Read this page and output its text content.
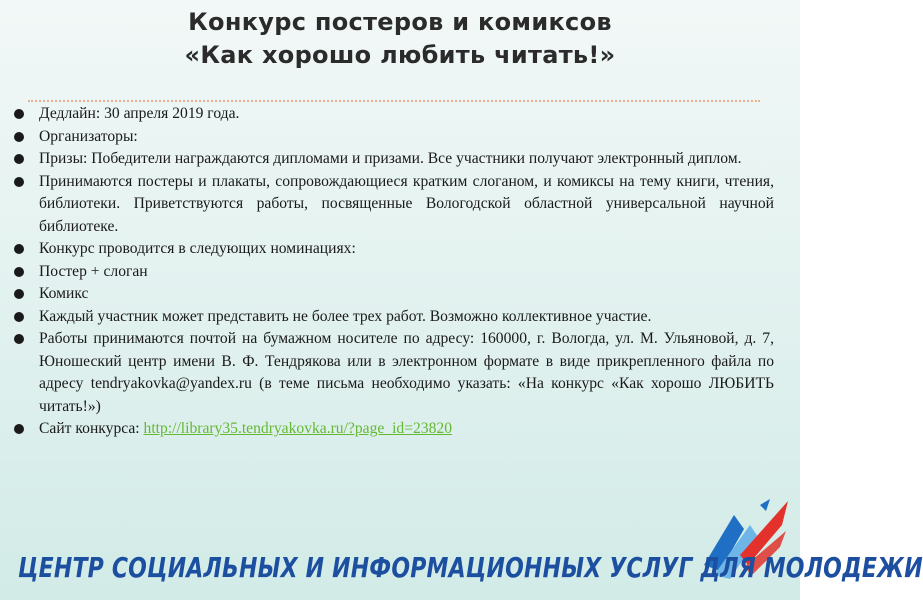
Конкурс постеров и комиксов
«Как хорошо любить читать!»
Дедлайн: 30 апреля 2019 года.
Организаторы:
Призы: Победители награждаются дипломами и призами. Все участники получают электронный диплом.
Принимаются постеры и плакаты, сопровождающиеся кратким слоганом, и комиксы на тему книги, чтения, библиотеки. Приветствуются работы, посвященные Вологодской областной универсальной научной библиотеке.
Конкурс проводится в следующих номинациях:
Постер + слоган
Комикс
Каждый участник может представить не более трех работ. Возможно коллективное участие.
Работы принимаются почтой на бумажном носителе по адресу: 160000, г. Вологда, ул. М. Ульяновой, д. 7, Юношеский центр имени В. Ф. Тендрякова или в электронном формате в виде прикрепленного файла по адресу tendryakovka@yandex.ru (в теме письма необходимо указать: «На конкурс «Как хорошо ЛЮБИТЬ читать!»)
Сайт конкурса: http://library35.tendryakovka.ru/?page_id=23820
ЦЕНТР СОЦИАЛЬНЫХ И ИНФОРМАЦИОННЫХ УСЛУГ ДЛЯ МОЛОДЕЖИ
